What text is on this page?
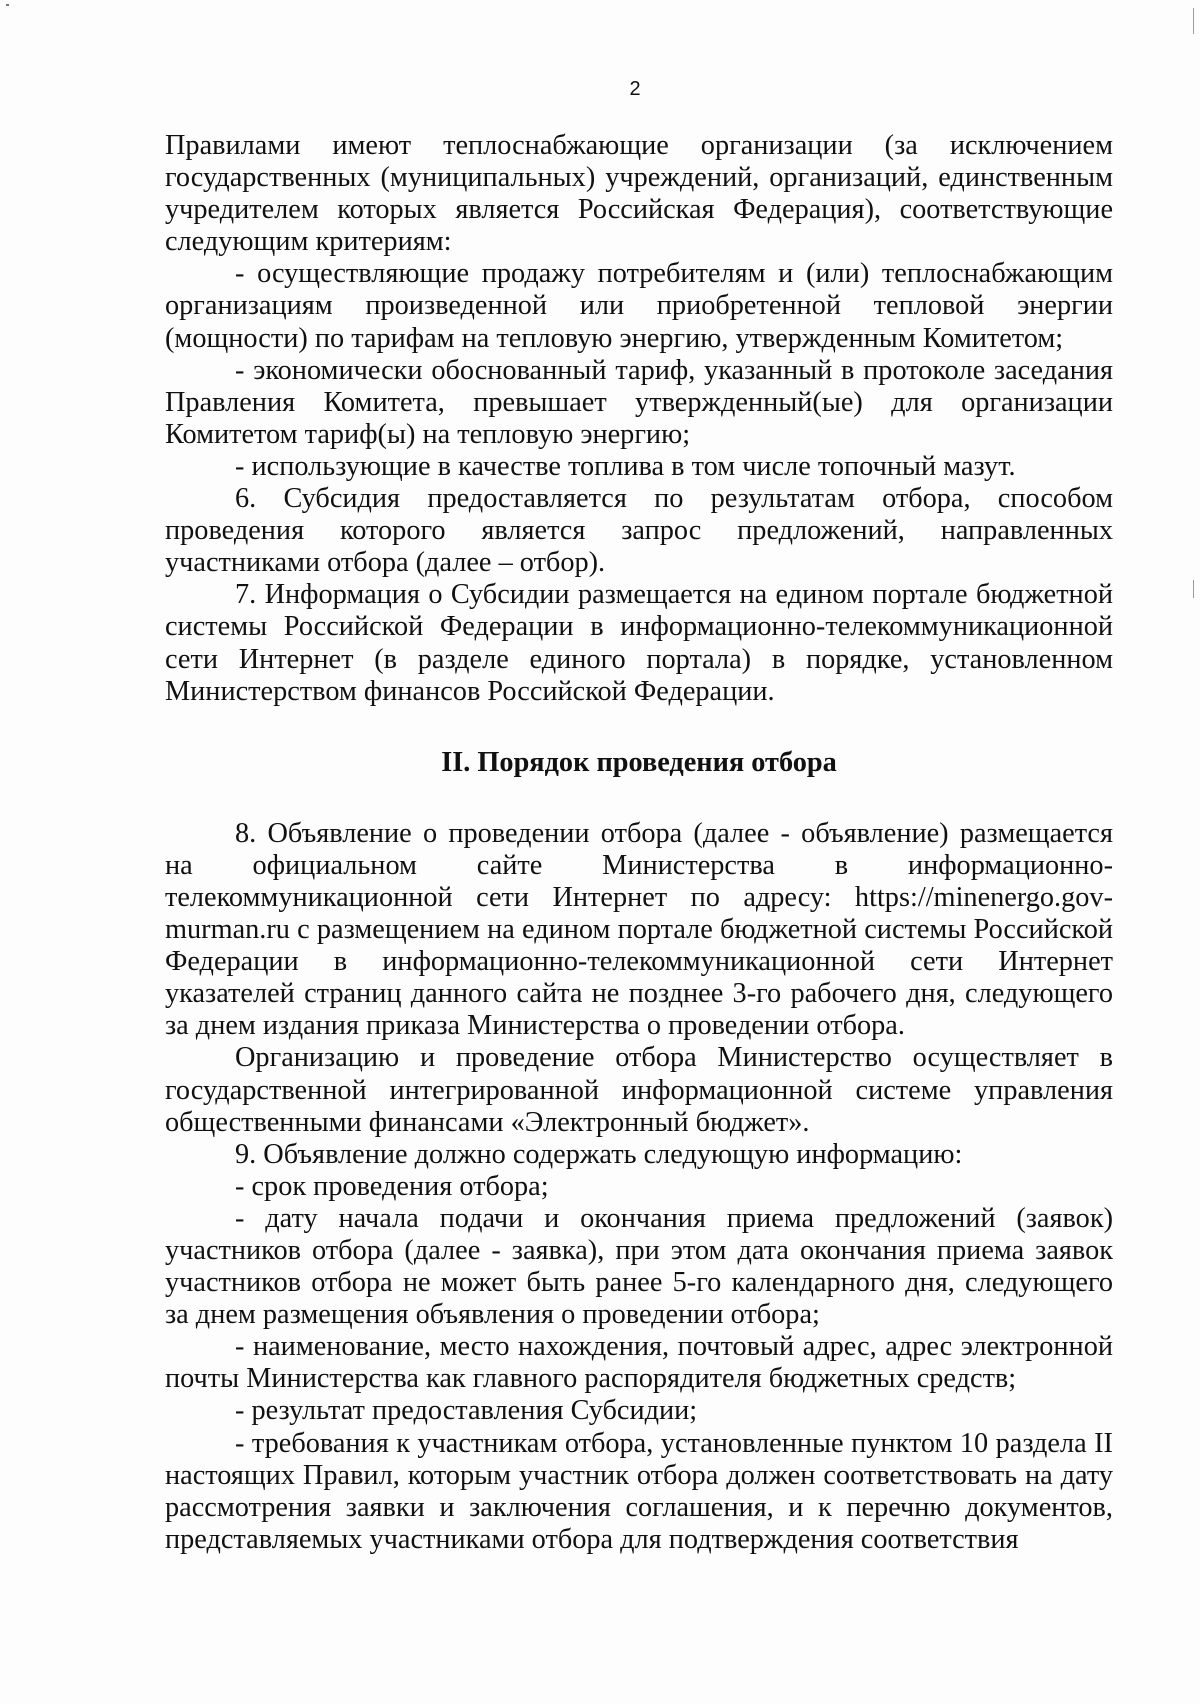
2

Правилами имеют теплоснабжающие организации (за исключением государственных (муниципальных) учреждений, организаций, единственным учредителем которых является Российская Федерация), соответствующие следующим критериям:

- осуществляющие продажу потребителям и (или) теплоснабжающим организациям произведенной или приобретенной тепловой энергии (мощности) по тарифам на тепловую энергию, утвержденным Комитетом;

- экономически обоснованный тариф, указанный в протоколе заседания Правления Комитета, превышает утвержденный(ые) для организации Комитетом тариф(ы) на тепловую энергию;

- использующие в качестве топлива в том числе топочный мазут.

6. Субсидия предоставляется по результатам отбора, способом проведения которого является запрос предложений, направленных участниками отбора (далее – отбор).

7. Информация о Субсидии размещается на едином портале бюджетной системы Российской Федерации в информационно-телекоммуникационной сети Интернет (в разделе единого портала) в порядке, установленном Министерством финансов Российской Федерации.

II. Порядок проведения отбора

8. Объявление о проведении отбора (далее - объявление) размещается на официальном сайте Министерства в информационно-телекоммуникационной сети Интернет по адресу: https://minenergo.gov-murman.ru с размещением на едином портале бюджетной системы Российской Федерации в информационно-телекоммуникационной сети Интернет указателей страниц данного сайта не позднее 3-го рабочего дня, следующего за днем издания приказа Министерства о проведении отбора.

Организацию и проведение отбора Министерство осуществляет в государственной интегрированной информационной системе управления общественными финансами «Электронный бюджет».

9. Объявление должно содержать следующую информацию:

- срок проведения отбора;

- дату начала подачи и окончания приема предложений (заявок) участников отбора (далее - заявка), при этом дата окончания приема заявок участников отбора не может быть ранее 5-го календарного дня, следующего за днем размещения объявления о проведении отбора;

- наименование, место нахождения, почтовый адрес, адрес электронной почты Министерства как главного распорядителя бюджетных средств;

- результат предоставления Субсидии;

- требования к участникам отбора, установленные пунктом 10 раздела II настоящих Правил, которым участник отбора должен соответствовать на дату рассмотрения заявки и заключения соглашения, и к перечню документов, представляемых участниками отбора для подтверждения соответствия
